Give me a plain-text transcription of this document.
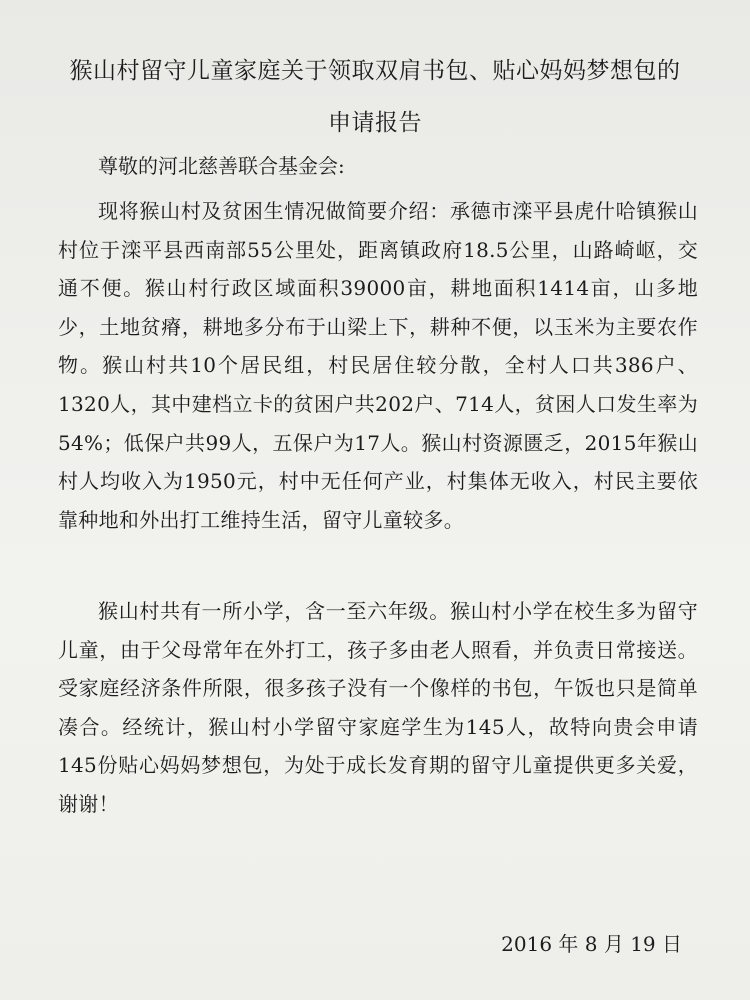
猴山村留守儿童家庭关于领取双肩书包、贴心妈妈梦想包的
申请报告

尊敬的河北慈善联合基金会:

现将猴山村及贫困生情况做简要介绍：承德市滦平县虎什哈镇猴山村位于滦平县西南部55公里处，距离镇政府18.5公里，山路崎岖，交通不便。猴山村行政区域面积39000亩，耕地面积1414亩，山多地少，土地贫瘠，耕地多分布于山梁上下，耕种不便，以玉米为主要农作物。猴山村共10个居民组，村民居住较分散，全村人口共386户、1320人，其中建档立卡的贫困户共202户、714人，贫困人口发生率为54%；低保户共99人，五保户为17人。猴山村资源匮乏，2015年猴山村人均收入为1950元，村中无任何产业，村集体无收入，村民主要依靠种地和外出打工维持生活，留守儿童较多。

猴山村共有一所小学，含一至六年级。猴山村小学在校生多为留守儿童，由于父母常年在外打工，孩子多由老人照看，并负责日常接送。受家庭经济条件所限，很多孩子没有一个像样的书包，午饭也只是简单凑合。经统计，猴山村小学留守家庭学生为145人，故特向贵会申请145份贴心妈妈梦想包，为处于成长发育期的留守儿童提供更多关爱，谢谢！

2016 年 8 月 19 日
